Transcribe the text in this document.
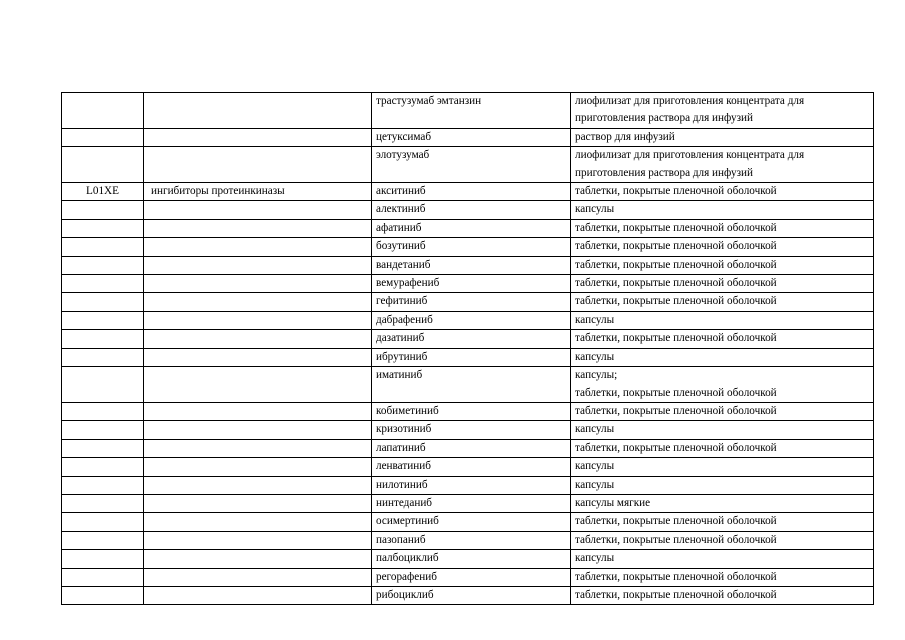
		трастузумаб эмтанзин	лиофилизат для приготовления концентрата для
приготовления раствора для инфузий

		цетуксимаб	раствор для инфузий

		элотузумаб	лиофилизат для приготовления концентрата для
приготовления раствора для инфузий

L01XE	ингибиторы протеинкиназы	акситиниб	таблетки, покрытые пленочной оболочкой

		алектиниб	капсулы

		афатиниб	таблетки, покрытые пленочной оболочкой

		бозутиниб	таблетки, покрытые пленочной оболочкой

		вандетаниб	таблетки, покрытые пленочной оболочкой

		вемурафениб	таблетки, покрытые пленочной оболочкой

		гефитиниб	таблетки, покрытые пленочной оболочкой

		дабрафениб	капсулы

		дазатиниб	таблетки, покрытые пленочной оболочкой

		ибрутиниб	капсулы

		иматиниб	капсулы;
таблетки, покрытые пленочной оболочкой

		кобиметиниб	таблетки, покрытые пленочной оболочкой

		кризотиниб	капсулы

		лапатиниб	таблетки, покрытые пленочной оболочкой

		ленватиниб	капсулы

		нилотиниб	капсулы

		нинтеданиб	капсулы мягкие

		осимертиниб	таблетки, покрытые пленочной оболочкой

		пазопаниб	таблетки, покрытые пленочной оболочкой

		палбоциклиб	капсулы

		регорафениб	таблетки, покрытые пленочной оболочкой

		рибоциклиб	таблетки, покрытые пленочной оболочкой
